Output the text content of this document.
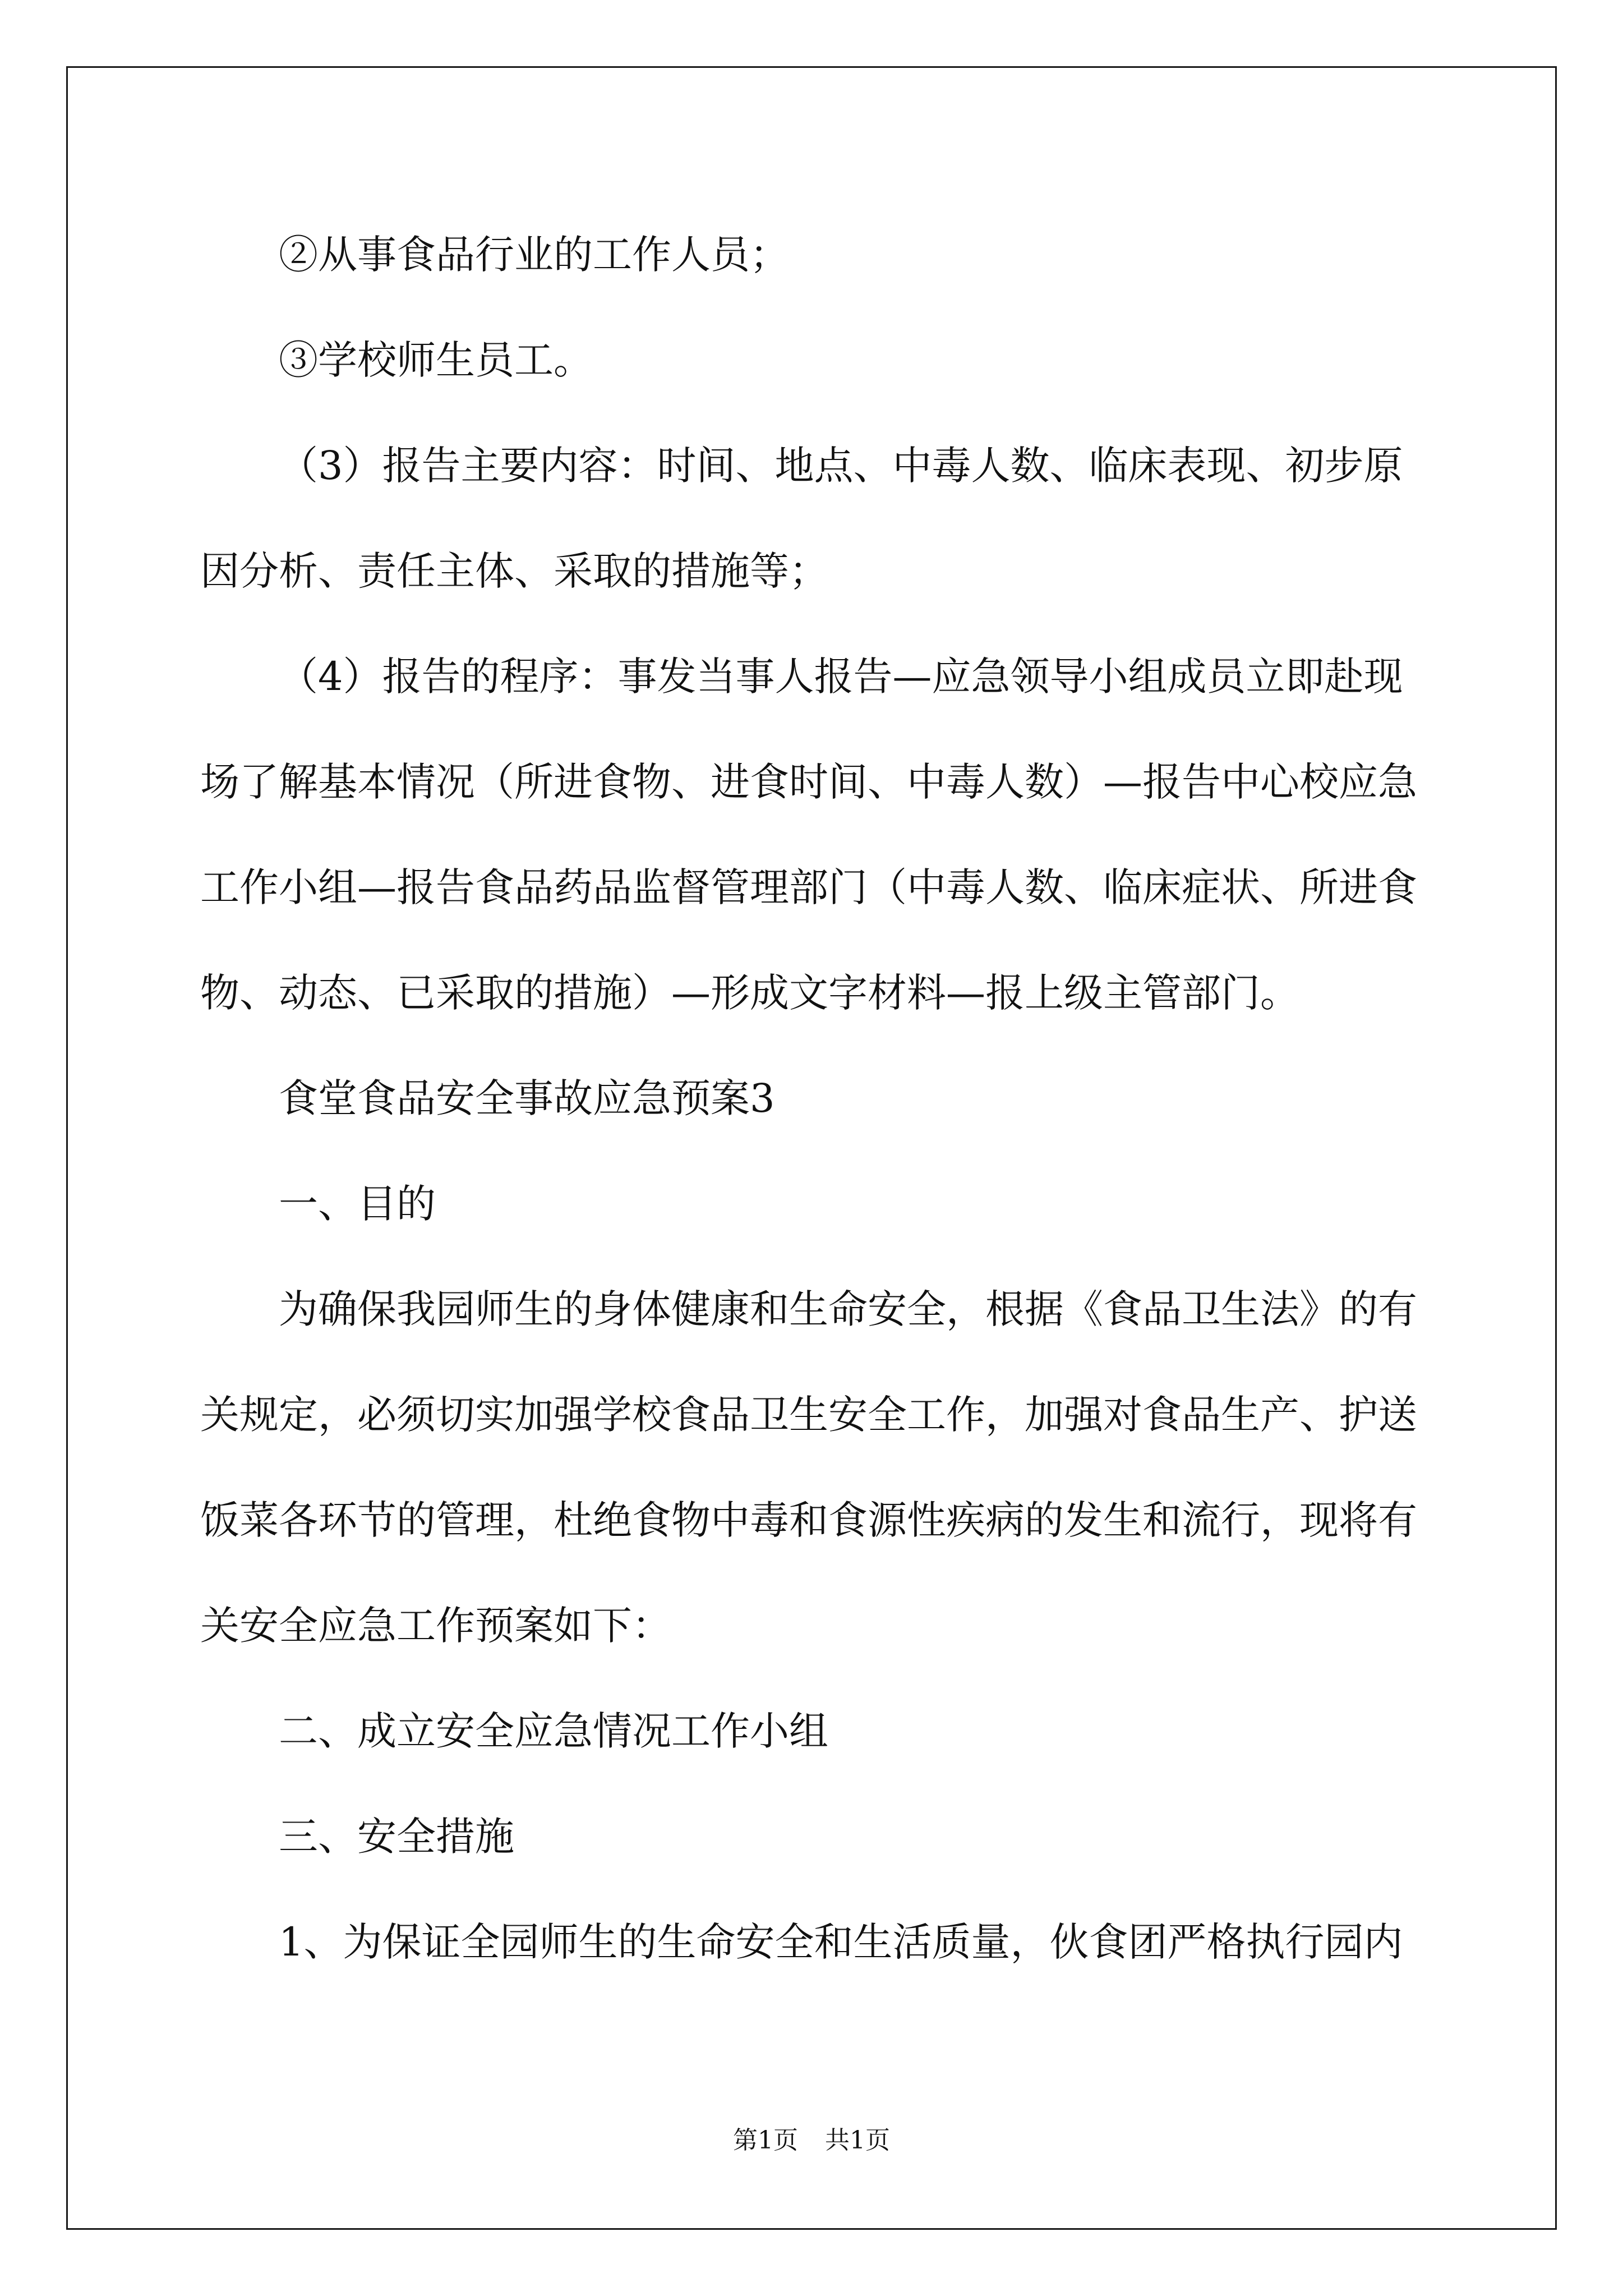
②从事食品行业的工作人员；

③学校师生员工。

（3）报告主要内容：时间、地点、中毒人数、临床表现、初步原因分析、责任主体、采取的措施等；

（4）报告的程序：事发当事人报告—应急领导小组成员立即赴现场了解基本情况（所进食物、进食时间、中毒人数）—报告中心校应急工作小组—报告食品药品监督管理部门（中毒人数、临床症状、所进食物、动态、已采取的措施）—形成文字材料—报上级主管部门。

食堂食品安全事故应急预案3

一、目的

为确保我园师生的身体健康和生命安全，根据《食品卫生法》的有关规定，必须切实加强学校食品卫生安全工作，加强对食品生产、护送饭菜各环节的管理，杜绝食物中毒和食源性疾病的发生和流行，现将有关安全应急工作预案如下：

二、成立安全应急情况工作小组

三、安全措施

1、为保证全园师生的生命安全和生活质量，伙食团严格执行园内

第1页 共1页
